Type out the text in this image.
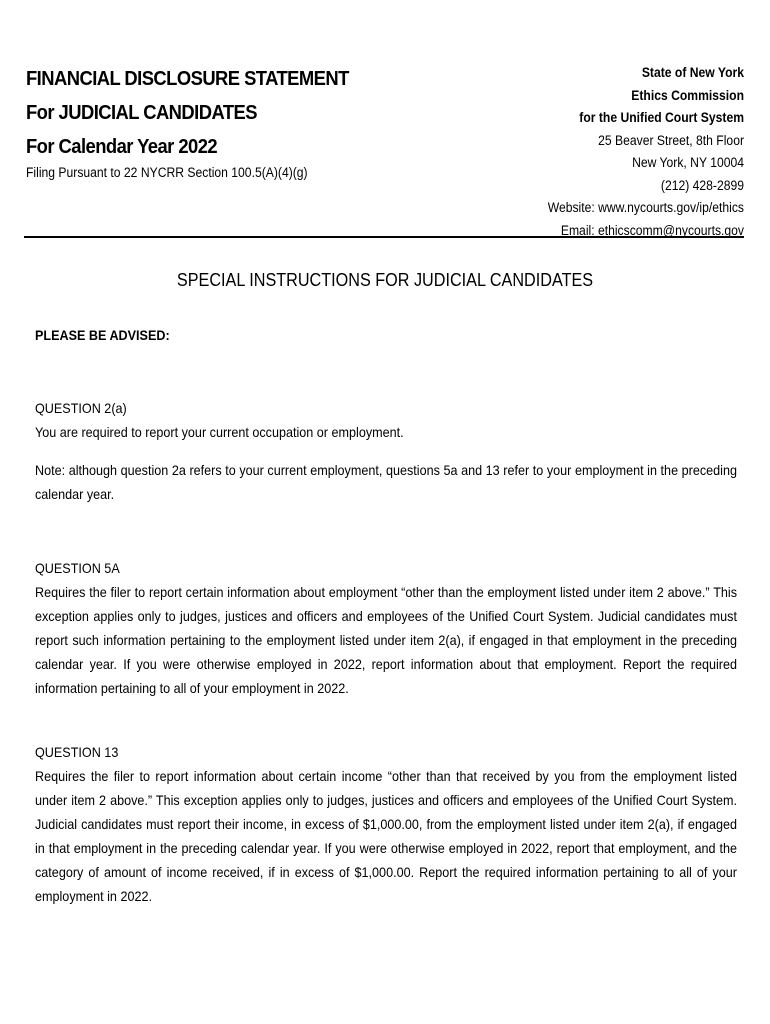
FINANCIAL DISCLOSURE STATEMENT
For JUDICIAL CANDIDATES
For Calendar Year 2022
Filing Pursuant to 22 NYCRR Section 100.5(A)(4)(g)
State of New York
Ethics Commission
for the Unified Court System
25 Beaver Street, 8th Floor
New York, NY 10004
(212) 428-2899
Website: www.nycourts.gov/ip/ethics
Email: ethicscomm@nycourts.gov
SPECIAL INSTRUCTIONS FOR JUDICIAL CANDIDATES
PLEASE BE ADVISED:

QUESTION 2(a)

You are required to report your current occupation or employment.

Note: although question 2a refers to your current employment, questions 5a and 13 refer to your employment in the preceding calendar year.

QUESTION 5A

Requires the filer to report certain information about employment “other than the employment listed under item 2 above.” This exception applies only to judges, justices and officers and employees of the Unified Court System. Judicial candidates must report such information pertaining to the employment listed under item 2(a), if engaged in that employment in the preceding calendar year. If you were otherwise employed in 2022, report information about that employment. Report the required information pertaining to all of your employment in 2022.

QUESTION 13

Requires the filer to report information about certain income “other than that received by you from the employment listed under item 2 above.” This exception applies only to judges, justices and officers and employees of the Unified Court System. Judicial candidates must report their income, in excess of $1,000.00, from the employment listed under item 2(a), if engaged in that employment in the preceding calendar year. If you were otherwise employed in 2022, report that employment, and the category of amount of income received, if in excess of $1,000.00. Report the required information pertaining to all of your employment in 2022.
